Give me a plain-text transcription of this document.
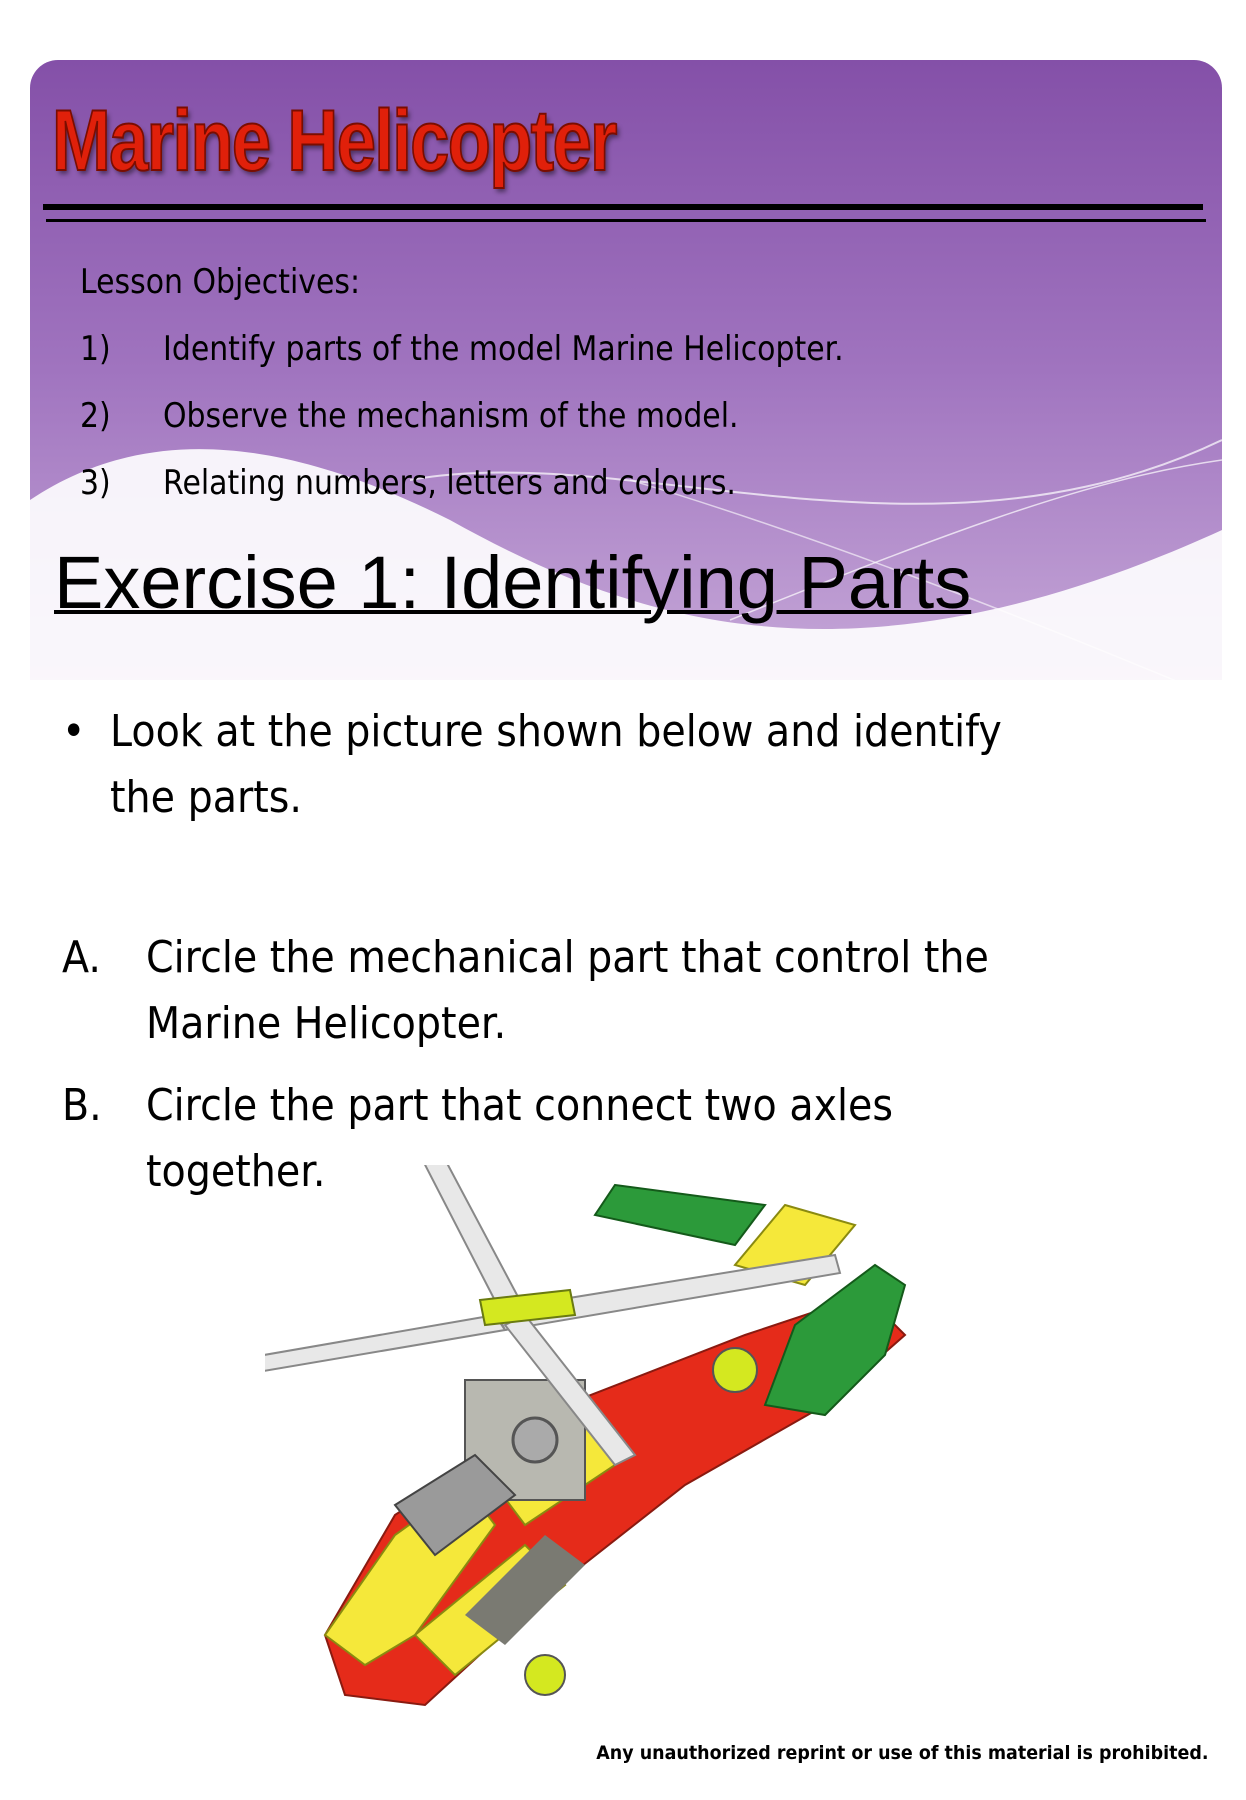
Marine Helicopter
Lesson Objectives:
1) Identify parts of the model Marine Helicopter.
2) Observe the mechanism of the model.
3) Relating numbers, letters and colours.
Exercise 1: Identifying Parts
• Look at the picture shown below and identify
the parts.
A. Circle the mechanical part that control the
Marine Helicopter.
B. Circle the part that connect two axles
together.
Any unauthorized reprint or use of this material is prohibited.
